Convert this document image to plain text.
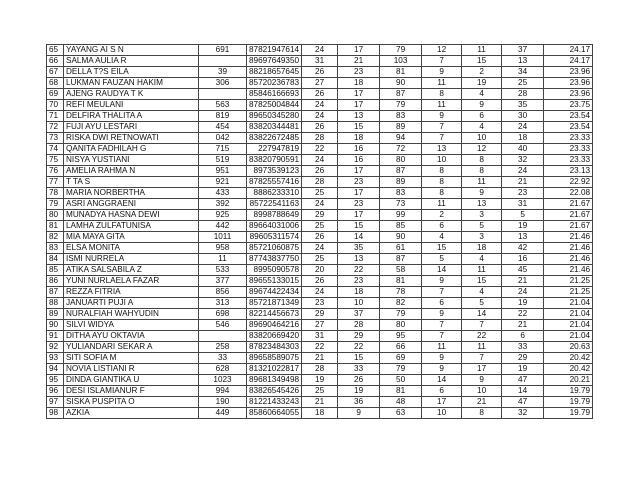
65	YAYANG AI S N	691	87821947614	24	17	79	12	11	37	24.17
66	SALMA AULIA R		89697649350	31	21	103	7	15	13	24.17
67	DELLA T?S EILA	39	88218657645	26	23	81	9	2	34	23.96
68	LUKMAN FAUZAN HAKIM	306	85720236783	27	18	90	11	19	25	23.96
69	AJENG RAUDYA T K		85846166693	26	17	87	8	4	28	23.96
70	REFI MEULANI	563	87825004844	24	17	79	11	9	35	23.75
71	DELFIRA THALITA A	819	89650345280	24	13	83	9	6	30	23.54
72	FUJI AYU LESTARI	454	83820344481	26	15	89	7	4	24	23.54
73	RISKA DWI RETNOWATI	042	83822672485	28	18	94	7	10	18	23.33
74	QANITA FADHILAH G	715	227947819	22	16	72	13	12	40	23.33
75	NISYA YUSTIANI	519	83820790591	24	16	80	10	8	32	23.33
76	AMELIA RAHMA N	951	8973539123	26	17	87	8	8	24	23.13
77	T TA S	921	87825557416	28	23	89	8	11	21	22.92
78	MARIA NORBERTHA	433	8886233310	25	17	83	8	9	23	22.08
79	ASRI ANGGRAENI	392	85722541163	24	23	73	11	13	31	21.67
80	MUNADYA HASNA DEWI	925	8998788649	29	17	99	2	3	5	21.67
81	LAMHA ZULFATUNISA	442	89664031006	25	15	85	6	5	19	21.67
82	MIA MAYA GITA	1011	89605311574	26	14	90	4	3	13	21.46
83	ELSA MONITA	958	85721060875	24	35	61	15	18	42	21.46
84	ISMI NURRELA	11	87743837750	25	13	87	5	4	16	21.46
85	ATIKA SALSABILA Z	533	8995090578	20	22	58	14	11	45	21.46
86	YUNI NURLAELA FAZAR	377	89655133015	26	23	81	9	15	21	21.25
87	REZZA FITRIA	856	89674422434	24	18	78	7	4	24	21.25
88	JANUARTI PUJI A	313	85721871349	23	10	82	6	5	19	21.04
89	NURALFIAH WAHYUDIN	698	82214456673	29	37	79	9	14	22	21.04
90	SILVI WIDYA	546	89690464216	27	28	80	7	7	21	21.04
91	DITHA AYU OKTAVIA		83820669420	31	29	95	7	22	6	21.04
92	YULIANDARI SEKAR A	258	87823484303	22	22	66	11	11	33	20.63
93	SITI SOFIA M	33	89658589075	21	15	69	9	7	29	20.42
94	NOVIA LISTIANI R	628	81321022817	28	33	79	9	17	19	20.42
95	DINDA GIANTIKA U	1023	89681349498	19	26	50	14	9	47	20.21
96	DESI ISLAMIANUR F	994	83826545426	25	19	81	6	10	14	19.79
97	SISKA PUSPITA O	190	81221433243	21	36	48	17	21	47	19.79
98	AZKIA	449	85860664055	18	9	63	10	8	32	19.79
